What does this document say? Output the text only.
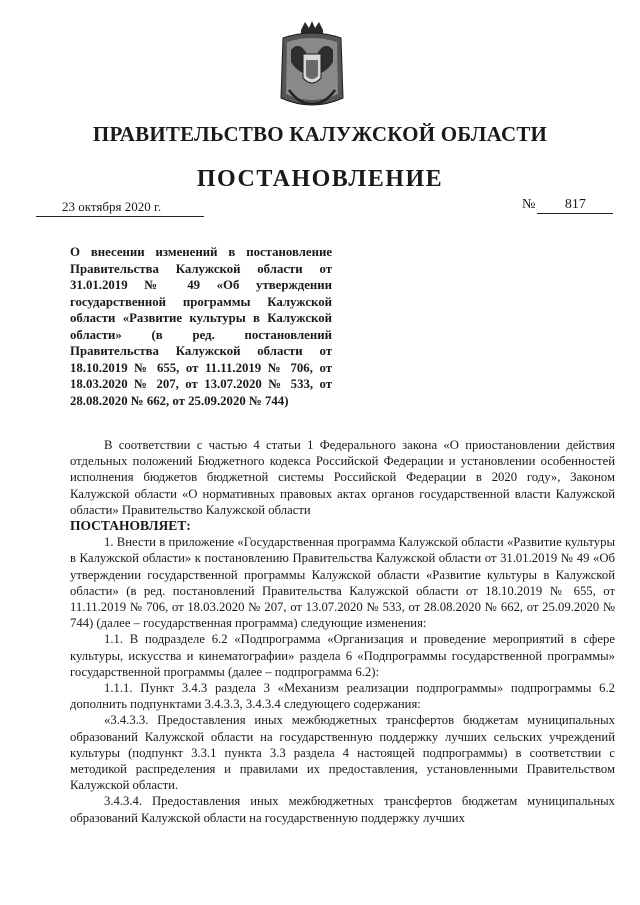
ПРАВИТЕЛЬСТВО КАЛУЖСКОЙ ОБЛАСТИ
ПОСТАНОВЛЕНИЕ
23 октября 2020 г.	№ 817
О внесении изменений в постановление Правительства Калужской области от 31.01.2019 № 49 «Об утверждении государственной программы Калужской области «Развитие культуры в Калужской области» (в ред. постановлений Правительства Калужской области от 18.10.2019 № 655, от 11.11.2019 № 706, от 18.03.2020 № 207, от 13.07.2020 № 533, от 28.08.2020 № 662, от 25.09.2020 № 744)

В соответствии с частью 4 статьи 1 Федерального закона «О приостановлении действия отдельных положений Бюджетного кодекса Российской Федерации и установлении особенностей исполнения бюджетов бюджетной системы Российской Федерации в 2020 году», Законом Калужской области «О нормативных правовых актах органов государственной власти Калужской области» Правительство Калужской области

ПОСТАНОВЛЯЕТ:

1. Внести в приложение «Государственная программа Калужской области «Развитие культуры в Калужской области» к постановлению Правительства Калужской области от 31.01.2019 № 49 «Об утверждении государственной программы Калужской области «Развитие культуры в Калужской области» (в ред. постановлений Правительства Калужской области от 18.10.2019 № 655, от 11.11.2019 № 706, от 18.03.2020 № 207, от 13.07.2020 № 533, от 28.08.2020 № 662, от 25.09.2020 № 744) (далее – государственная программа) следующие изменения:

1.1. В подразделе 6.2 «Подпрограмма «Организация и проведение мероприятий в сфере культуры, искусства и кинематографии» раздела 6 «Подпрограммы государственной программы» государственной программы (далее – подпрограмма 6.2):

1.1.1. Пункт 3.4.3 раздела 3 «Механизм реализации подпрограммы» подпрограммы 6.2 дополнить подпунктами 3.4.3.3, 3.4.3.4 следующего содержания:

«3.4.3.3. Предоставления иных межбюджетных трансфертов бюджетам муниципальных образований Калужской области на государственную поддержку лучших сельских учреждений культуры (подпункт 3.3.1 пункта 3.3 раздела 4 настоящей подпрограммы) в соответствии с методикой распределения и правилами их предоставления, установленными Правительством Калужской области.

3.4.3.4. Предоставления иных межбюджетных трансфертов бюджетам муниципальных образований Калужской области на государственную поддержку лучших
